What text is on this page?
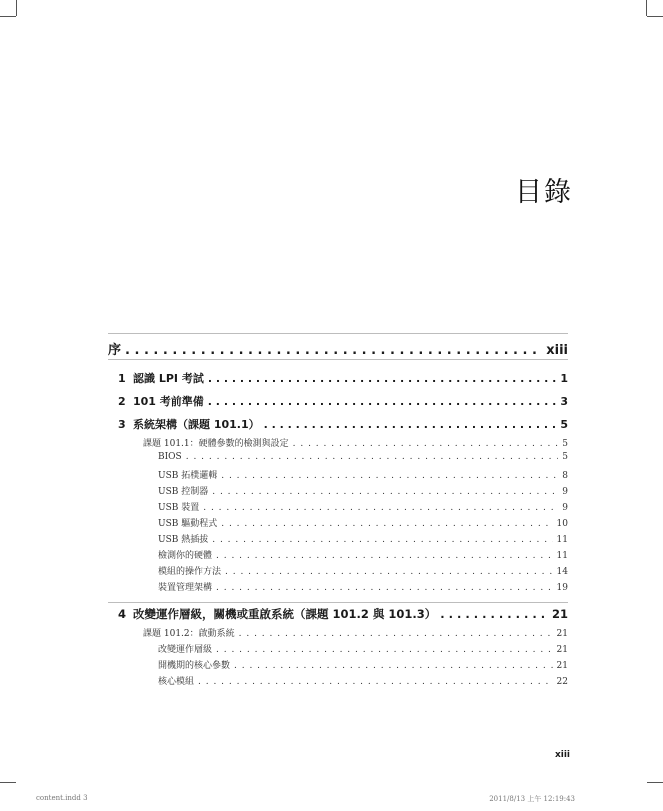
目錄
序 . . .	xiii
1 認識 LPI 考試 . . .	1
2 101 考前準備 . . .	3
3 系統架構（課題 101.1） . . .	5
課題 101.1：硬體參數的檢測與設定 . . .	5
BIOS . . .	5
USB 拓樸邏輯 . . .	8
USB 控制器 . . .	9
USB 裝置 . . .	9
USB 驅動程式 . . .	10
USB 熱插拔 . . .	11
檢測你的硬體 . . .	11
模組的操作方法 . . .	14
裝置管理架構 . . .	19
4 改變運作層級，關機或重啟系統（課題 101.2 與 101.3） . . .	21
課題 101.2：啟動系統 . . .	21
改變運作層級 . . .	21
開機期的核心參數 . . .	21
核心模組 . . .	22
xiii
content.indd 3	2011/8/13 上午 12:19:43
